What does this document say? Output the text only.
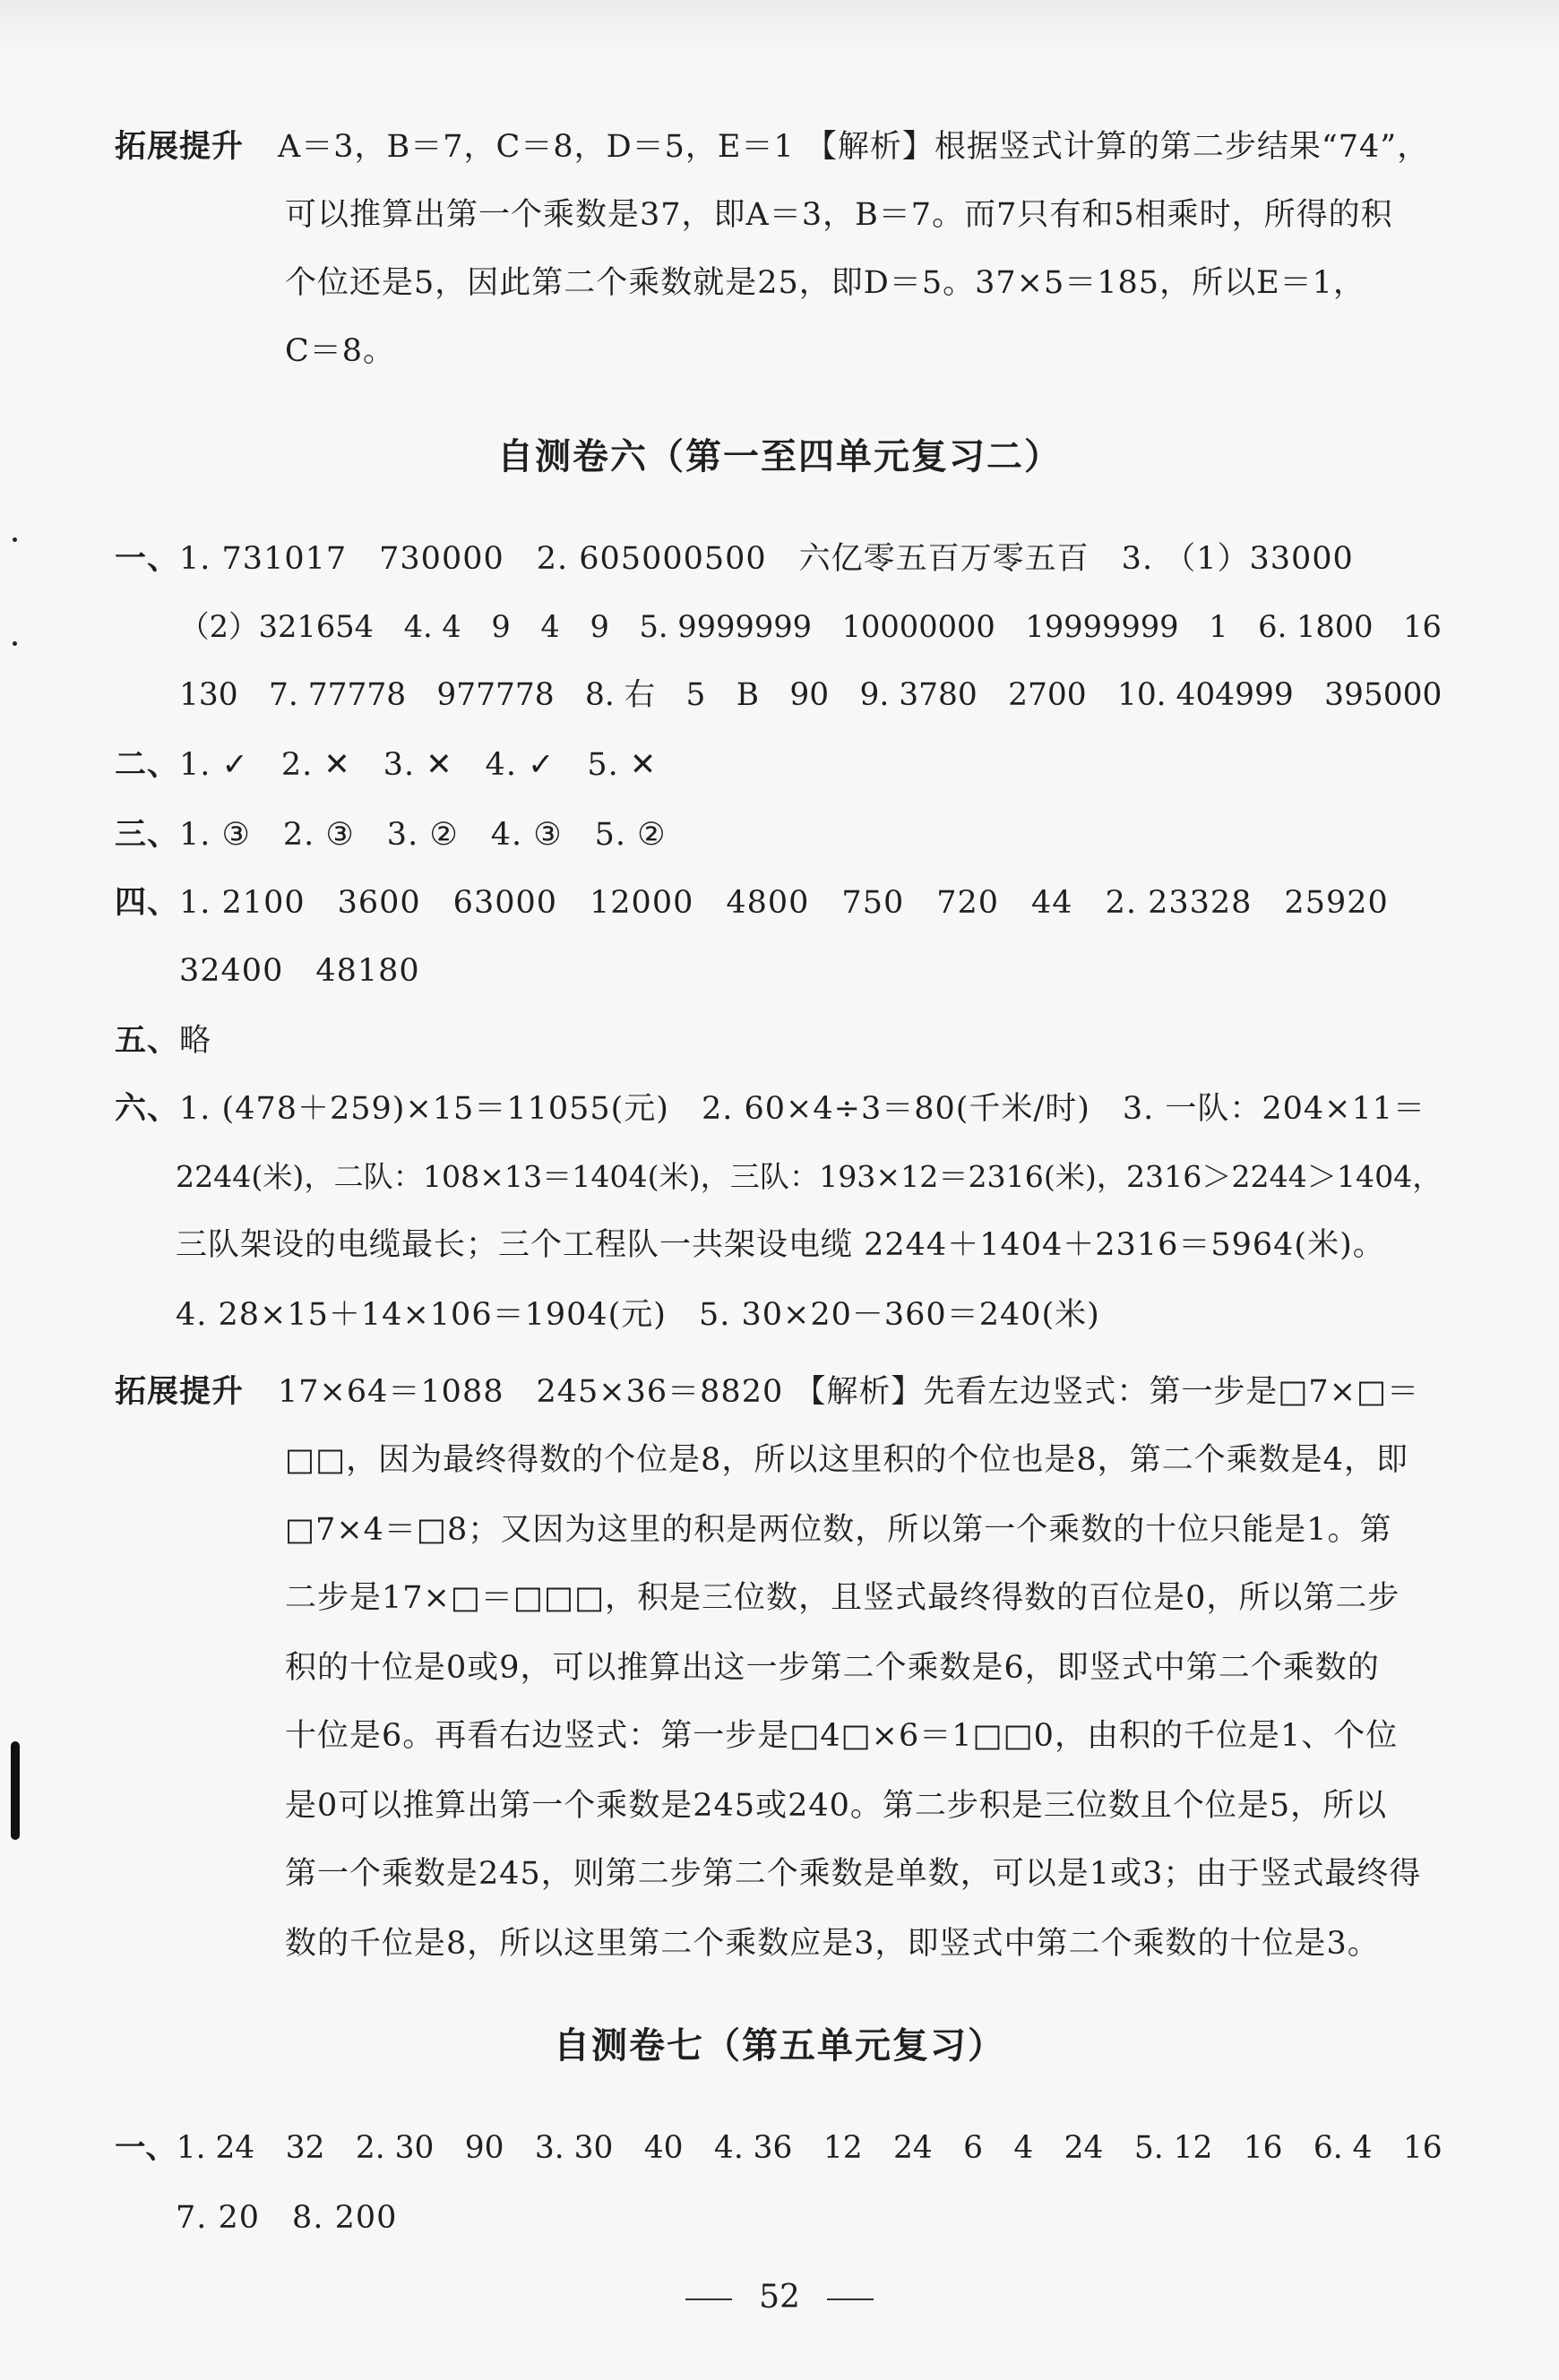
拓展提升 A＝3，B＝7，C＝8，D＝5，E＝1 【解析】根据竖式计算的第二步结果“74”，
可以推算出第一个乘数是37，即A＝3，B＝7。而7只有和5相乘时，所得的积
个位还是5，因此第二个乘数就是25，即D＝5。37×5＝185，所以E＝1，
C＝8。
自测卷六（第一至四单元复习二）
一、1. 731017　730000　2. 605000500　六亿零五百万零五百　3. （1）33000
（2）321654　4. 4　9　4　9　5. 9999999　10000000　19999999　1　6. 1800　16
130　7. 77778　977778　8. 右　5　B　90　9. 3780　2700　10. 404999　395000
二、1. ✓　2. ✕　3. ✕　4. ✓　5. ✕
三、1. ③　2. ③　3. ②　4. ③　5. ②
四、1. 2100　3600　63000　12000　4800　750　720　44　2. 23328　25920
32400　48180
五、略
六、1. (478＋259)×15＝11055(元)　2. 60×4÷3＝80(千米/时)　3. 一队：204×11＝
2244(米)，二队：108×13＝1404(米)，三队：193×12＝2316(米)，2316＞2244＞1404，
三队架设的电缆最长；三个工程队一共架设电缆 2244＋1404＋2316＝5964(米)。
4. 28×15＋14×106＝1904(元)　5. 30×20－360＝240(米)
拓展提升 17×64＝1088　245×36＝8820 【解析】先看左边竖式：第一步是□7×□＝
□□，因为最终得数的个位是8，所以这里积的个位也是8，第二个乘数是4，即
□7×4＝□8；又因为这里的积是两位数，所以第一个乘数的十位只能是1。第
二步是17×□＝□□□，积是三位数，且竖式最终得数的百位是0，所以第二步
积的十位是0或9，可以推算出这一步第二个乘数是6，即竖式中第二个乘数的
十位是6。再看右边竖式：第一步是□4□×6＝1□□0，由积的千位是1、个位
是0可以推算出第一个乘数是245或240。第二步积是三位数且个位是5，所以
第一个乘数是245，则第二步第二个乘数是单数，可以是1或3；由于竖式最终得
数的千位是8，所以这里第二个乘数应是3，即竖式中第二个乘数的十位是3。
自测卷七（第五单元复习）
一、1. 24　32　2. 30　90　3. 30　40　4. 36　12　24　6　4　24　5. 12　16　6. 4　16
7. 20　8. 200
52
